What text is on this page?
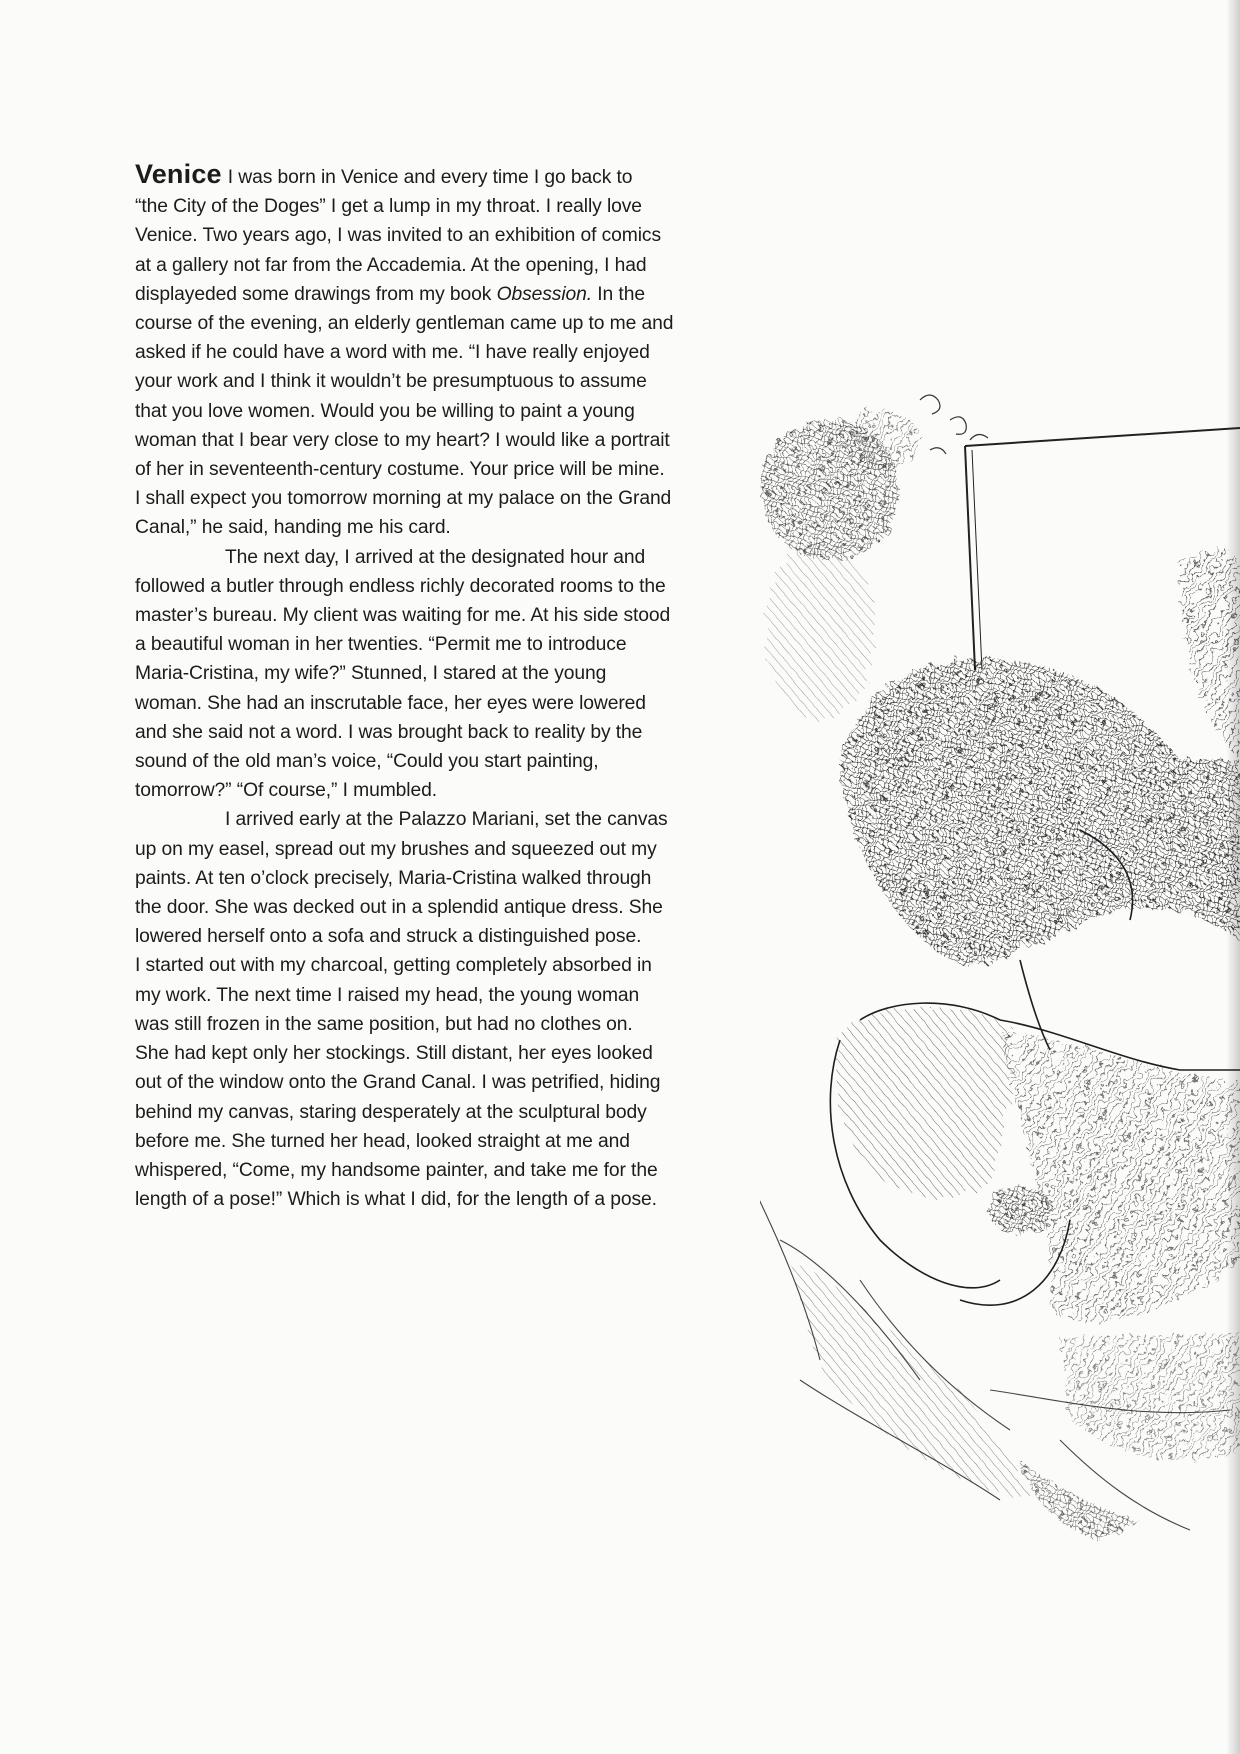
Venice I was born in Venice and every time I go back to
“the City of the Doges” I get a lump in my throat. I really love
Venice. Two years ago, I was invited to an exhibition of comics
at a gallery not far from the Accademia. At the opening, I had
displayeded some drawings from my book Obsession. In the
course of the evening, an elderly gentleman came up to me and
asked if he could have a word with me. “I have really enjoyed
your work and I think it wouldn’t be presumptuous to assume
that you love women. Would you be willing to paint a young
woman that I bear very close to my heart? I would like a portrait
of her in seventeenth-century costume. Your price will be mine.
I shall expect you tomorrow morning at my palace on the Grand
Canal,” he said, handing me his card.
The next day, I arrived at the designated hour and
followed a butler through endless richly decorated rooms to the
master’s bureau. My client was waiting for me. At his side stood
a beautiful woman in her twenties. “Permit me to introduce
Maria-Cristina, my wife?” Stunned, I stared at the young
woman. She had an inscrutable face, her eyes were lowered
and she said not a word. I was brought back to reality by the
sound of the old man’s voice, “Could you start painting,
tomorrow?” “Of course,” I mumbled.
I arrived early at the Palazzo Mariani, set the canvas
up on my easel, spread out my brushes and squeezed out my
paints. At ten o’clock precisely, Maria-Cristina walked through
the door. She was decked out in a splendid antique dress. She
lowered herself onto a sofa and struck a distinguished pose.
I started out with my charcoal, getting completely absorbed in
my work. The next time I raised my head, the young woman
was still frozen in the same position, but had no clothes on.
She had kept only her stockings. Still distant, her eyes looked
out of the window onto the Grand Canal. I was petrified, hiding
behind my canvas, staring desperately at the sculptural body
before me. She turned her head, looked straight at me and
whispered, “Come, my handsome painter, and take me for the
length of a pose!” Which is what I did, for the length of a pose.
